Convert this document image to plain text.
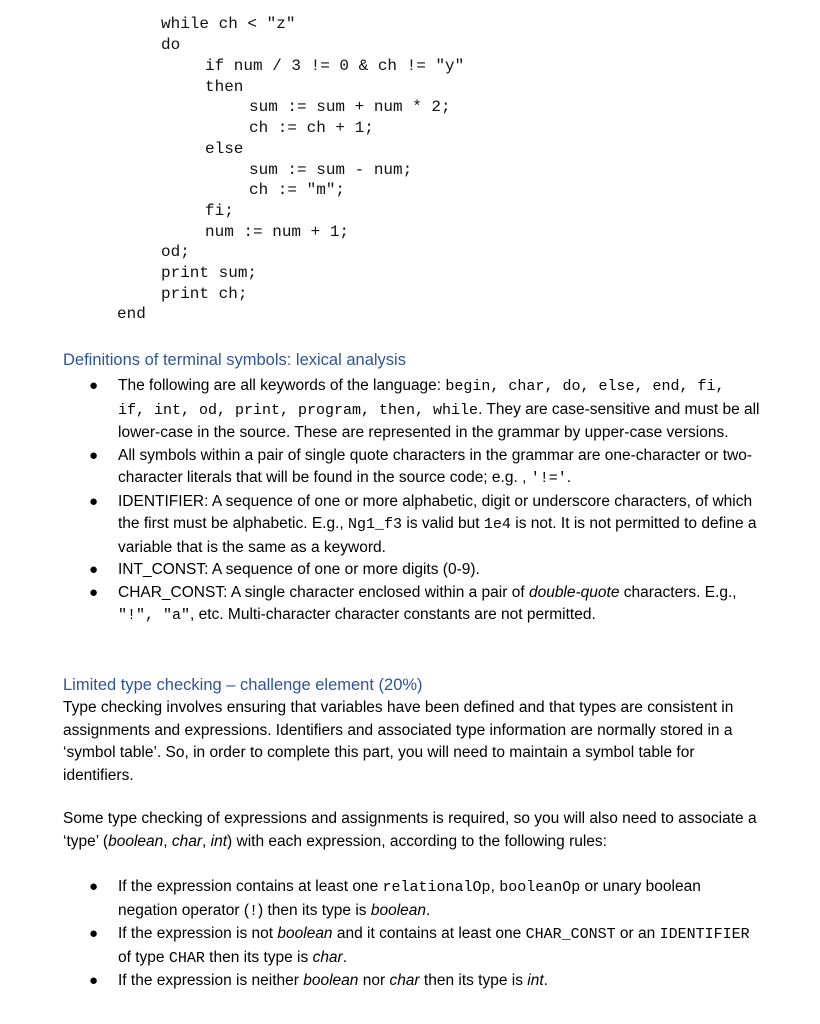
while ch < "z"
do
if num / 3 != 0 & ch != "y"
then
sum := sum + num * 2;
ch := ch + 1;
else
sum := sum - num;
ch := "m";
fi;
num := num + 1;
od;
print sum;
print ch;
end
Definitions of terminal symbols: lexical analysis
● The following are all keywords of the language: begin, char, do, else, end, fi, if, int, od, print, program, then, while. They are case-sensitive and must be all lower-case in the source. These are represented in the grammar by upper-case versions.
● All symbols within a pair of single quote characters in the grammar are one-character or two-character literals that will be found in the source code; e.g. , '!='.
● IDENTIFIER: A sequence of one or more alphabetic, digit or underscore characters, of which the first must be alphabetic. E.g., Ng1_f3 is valid but 1e4 is not. It is not permitted to define a variable that is the same as a keyword.
● INT_CONST: A sequence of one or more digits (0-9).
● CHAR_CONST: A single character enclosed within a pair of double-quote characters. E.g., "!", "a", etc. Multi-character character constants are not permitted.
Limited type checking – challenge element (20%)
Type checking involves ensuring that variables have been defined and that types are consistent in assignments and expressions. Identifiers and associated type information are normally stored in a ‘symbol table’. So, in order to complete this part, you will need to maintain a symbol table for identifiers.
Some type checking of expressions and assignments is required, so you will also need to associate a ‘type’ (boolean, char, int) with each expression, according to the following rules:
● If the expression contains at least one relationalOp, booleanOp or unary boolean negation operator (!) then its type is boolean.
● If the expression is not boolean and it contains at least one CHAR_CONST or an IDENTIFIER of type CHAR then its type is char.
● If the expression is neither boolean nor char then its type is int.
